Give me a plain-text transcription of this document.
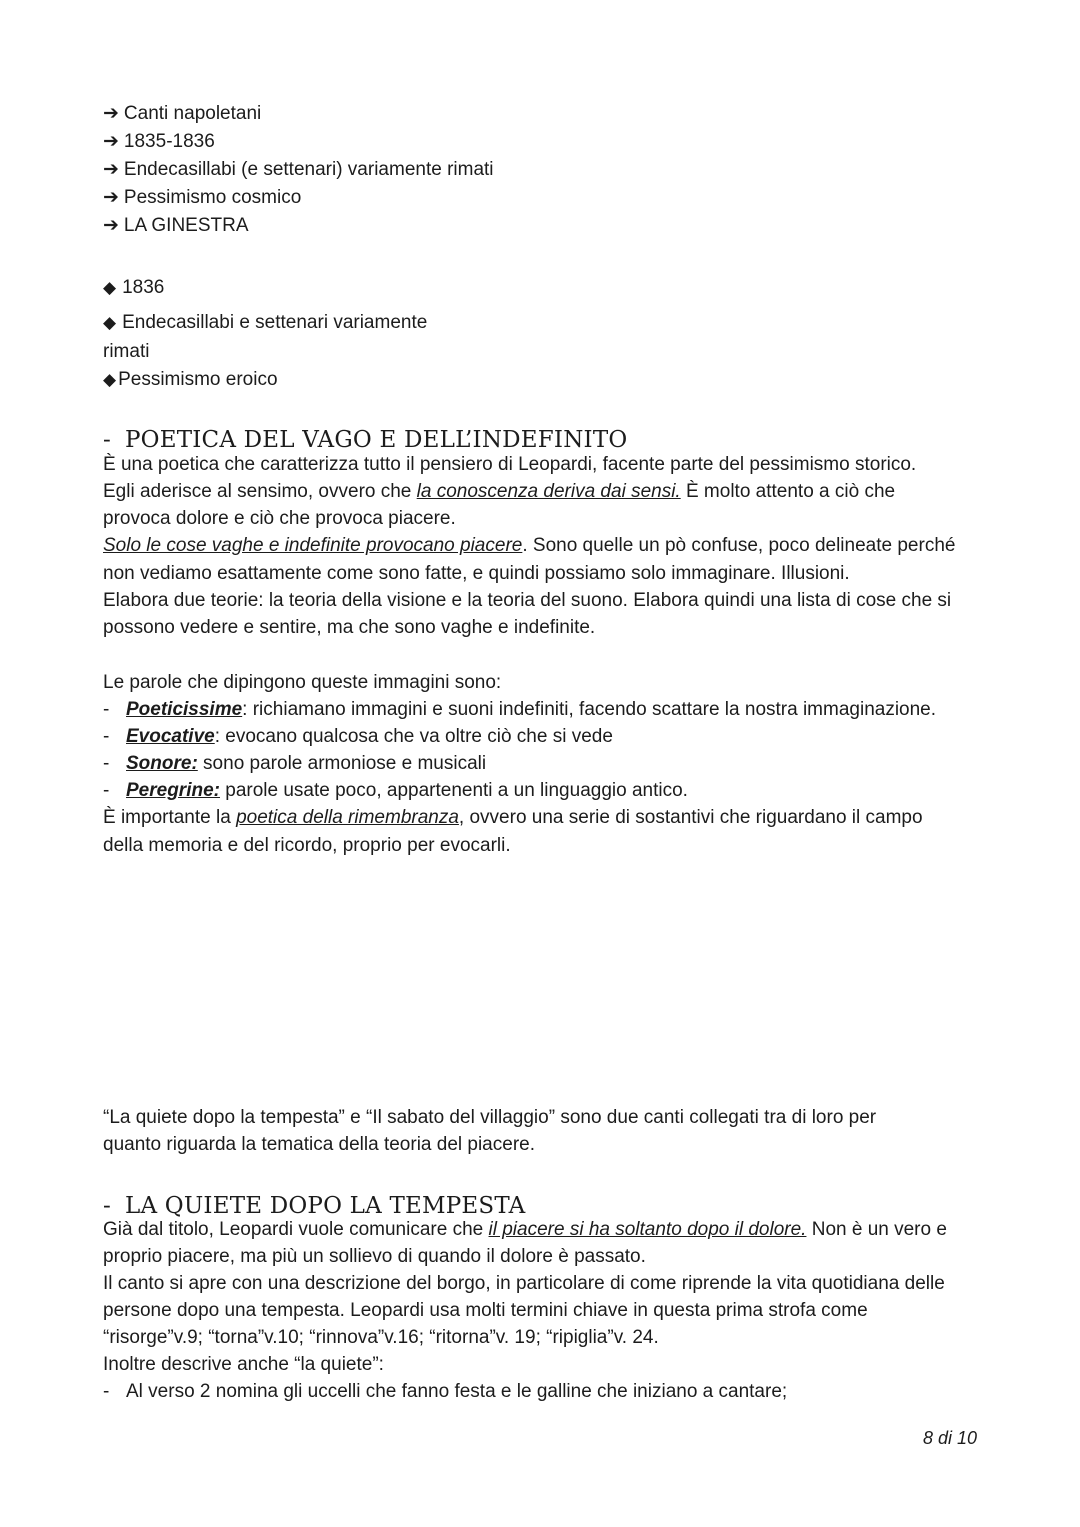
➔ Canti napoletani
➔ 1835-1836
➔ Endecasillabi (e settenari) variamente rimati
➔ Pessimismo cosmico
➔ LA GINESTRA
◆ 1836
◆ Endecasillabi e settenari variamente
rimati
◆ Pessimismo eroico
- POETICA DEL VAGO E DELL’INDEFINITO
È una poetica che caratterizza tutto il pensiero di Leopardi, facente parte del pessimismo storico.
Egli aderisce al sensimo, ovvero che la conoscenza deriva dai sensi. È molto attento a ciò che
provoca dolore e ciò che provoca piacere.
Solo le cose vaghe e indefinite provocano piacere. Sono quelle un pò confuse, poco delineate perché
non vediamo esattamente come sono fatte, e quindi possiamo solo immaginare. Illusioni.
Elabora due teorie: la teoria della visione e la teoria del suono. Elabora quindi una lista di cose che si
possono vedere e sentire, ma che sono vaghe e indefinite.
Le parole che dipingono queste immagini sono:
- Poeticissime: richiamano immagini e suoni indefiniti, facendo scattare la nostra immaginazione.
- Evocative: evocano qualcosa che va oltre ciò che si vede
- Sonore: sono parole armoniose e musicali
- Peregrine: parole usate poco, appartenenti a un linguaggio antico.
È importante la poetica della rimembranza, ovvero una serie di sostantivi che riguardano il campo
della memoria e del ricordo, proprio per evocarli.
“La quiete dopo la tempesta” e “Il sabato del villaggio” sono due canti collegati tra di loro per
quanto riguarda la tematica della teoria del piacere.
- LA QUIETE DOPO LA TEMPESTA
Già dal titolo, Leopardi vuole comunicare che il piacere si ha soltanto dopo il dolore. Non è un vero e
proprio piacere, ma più un sollievo di quando il dolore è passato.
Il canto si apre con una descrizione del borgo, in particolare di come riprende la vita quotidiana delle
persone dopo una tempesta. Leopardi usa molti termini chiave in questa prima strofa come
“risorge”v.9; “torna”v.10; “rinnova”v.16; “ritorna”v. 19; “ripiglia”v. 24.
Inoltre descrive anche “la quiete”:
- Al verso 2 nomina gli uccelli che fanno festa e le galline che iniziano a cantare;
8 di 10
